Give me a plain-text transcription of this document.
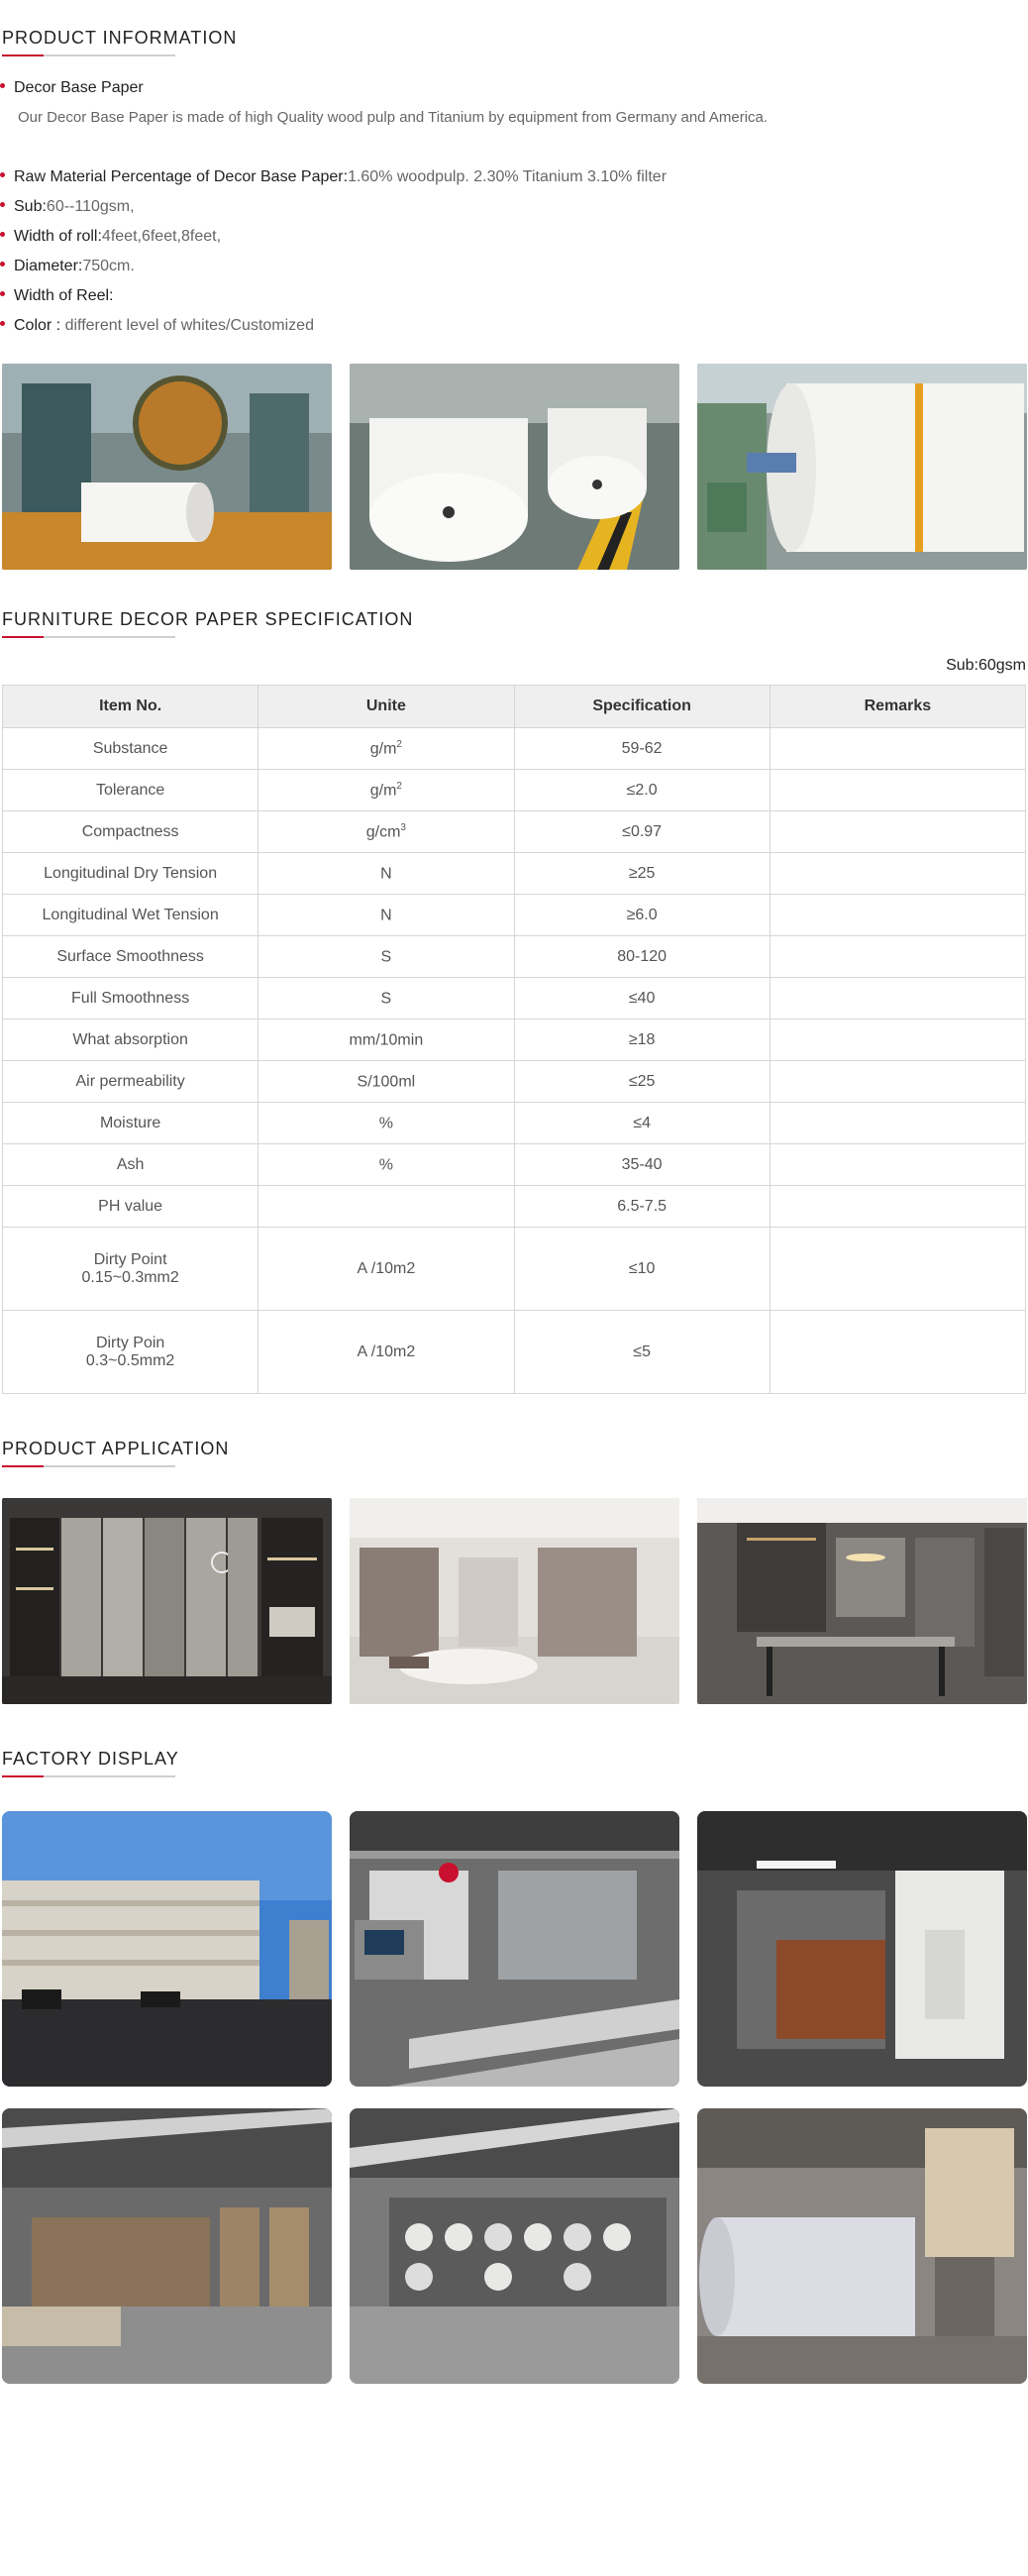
PRODUCT INFORMATION
Decor Base Paper
Our Decor Base Paper is made of high Quality wood pulp and Titanium by equipment from Germany and America.
Raw Material Percentage of Decor Base Paper:1.60% woodpulp. 2.30% Titanium 3.10% filter
Sub:60--110gsm,
Width of roll:4feet,6feet,8feet,
Diameter:750cm.
Width of Reel:
Color : different level of whites/Customized
FURNITURE DECOR PAPER SPECIFICATION
Sub:60gsm
Item No.	Unite	Specification	Remarks
Substance	$g/m^2$	59-62	
Tolerance	$g/m^2$	≤2.0	
Compactness	$g/cm^3$	≤0.97	
Longitudinal Dry Tension	N	≥25	
Longitudinal Wet Tension	N	≥6.0	
Surface Smoothness	S	80-120	
Full Smoothness	S	≤40	
What absorption	mm/10min	≥18	
Air permeability	S/100ml	≤25	
Moisture	%	≤4	
Ash	%	35-40	
PH value		6.5-7.5	

Dirty Point
0.15~0.3mm2	A /10m2	≤10	

Dirty Poin
0.3~0.5mm2	A /10m2	≤5	
PRODUCT APPLICATION
FACTORY DISPLAY
